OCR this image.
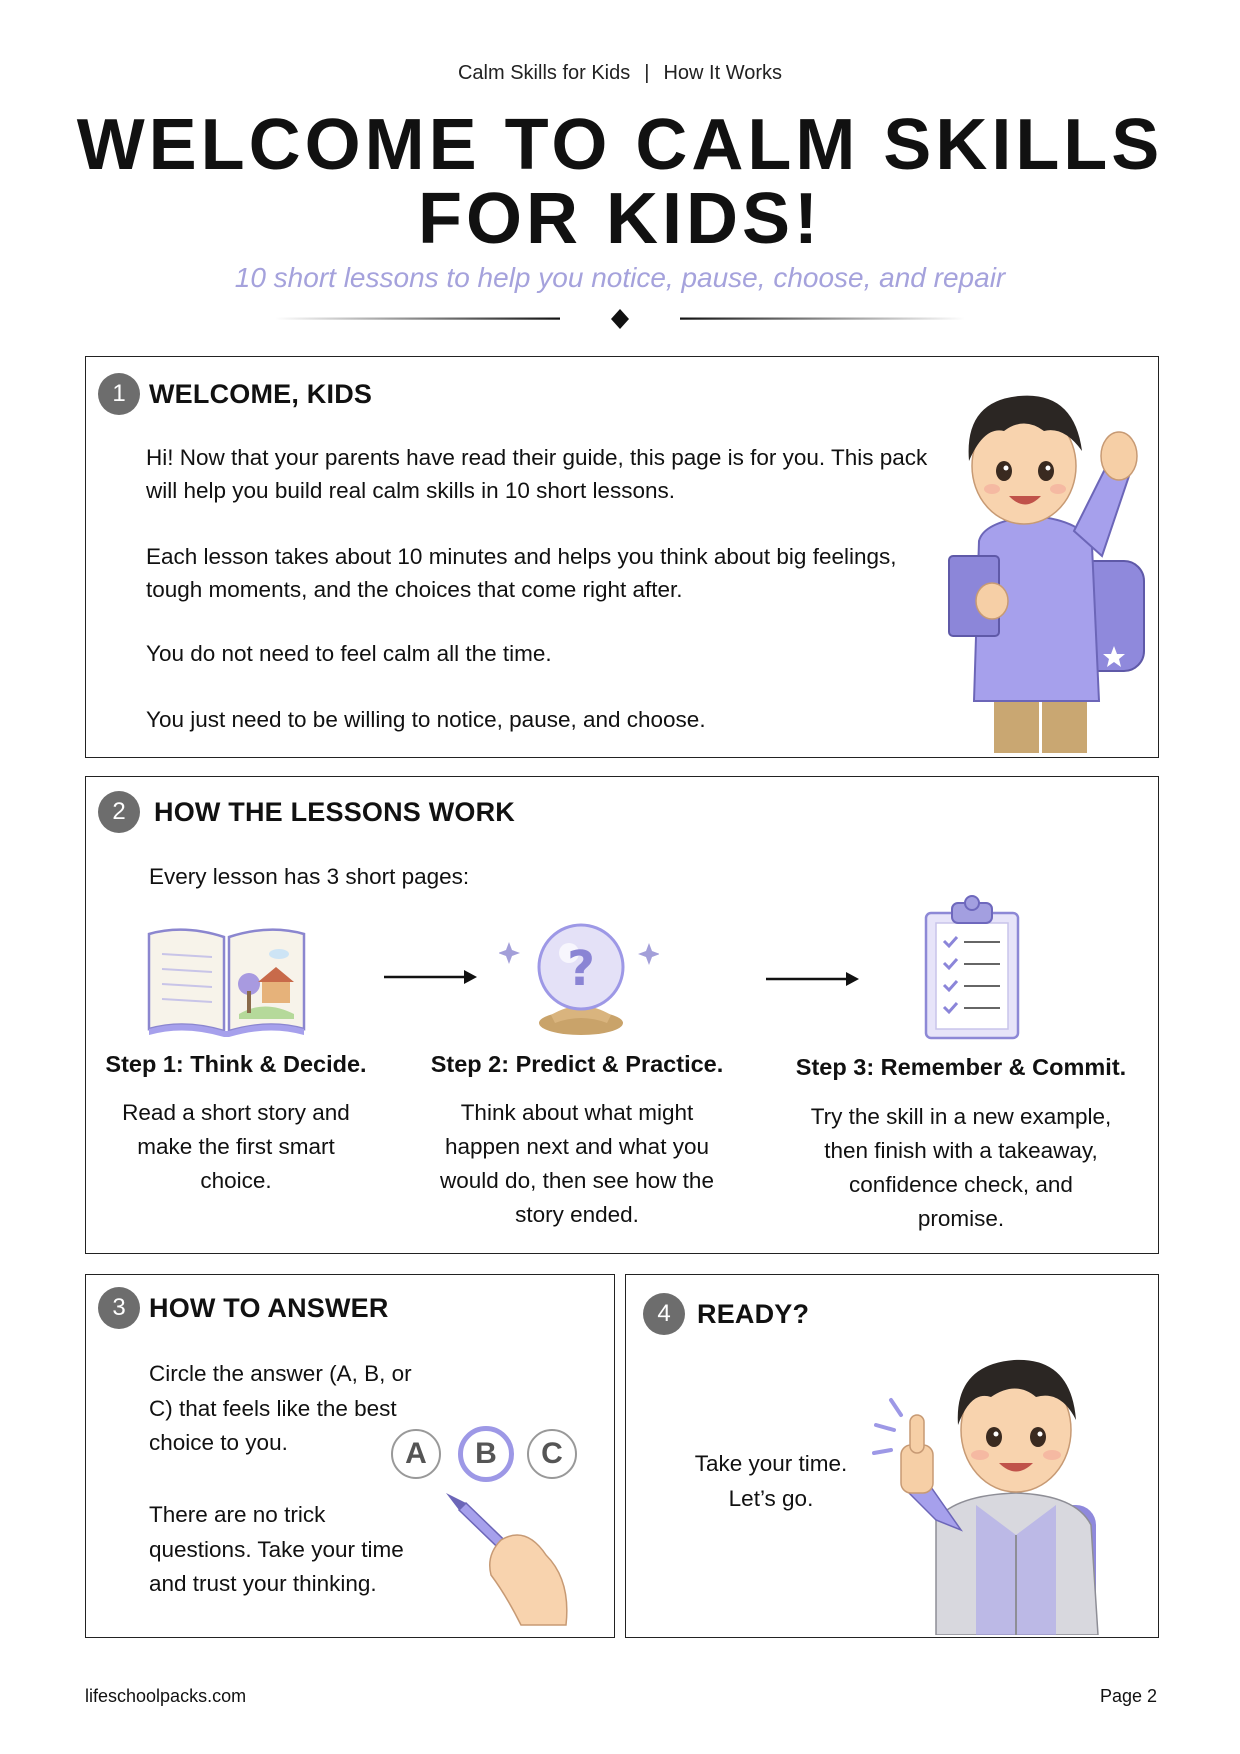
Calm Skills for Kids | How It Works
WELCOME TO CALM SKILLS
FOR KIDS!
10 short lessons to help you notice, pause, choose, and repair
1 WELCOME, KIDS
Hi! Now that your parents have read their guide, this page is for you. This pack will help you build real calm skills in 10 short lessons.
Each lesson takes about 10 minutes and helps you think about big feelings, tough moments, and the choices that come right after.
You do not need to feel calm all the time.
You just need to be willing to notice, pause, and choose.
2	HOW THE LESSONS WORK
Every lesson has 3 short pages:
?
Step 1: Think & Decide.
Read a short story and make the first smart choice.
Step 2: Predict & Practice.
Think about what might happen next and what you would do, then see how the story ended.
Step 3: Remember & Commit.
Try the skill in a new example, then finish with a takeaway, confidence check, and promise.
3 HOW TO ANSWER
Circle the answer (A, B, or C) that feels like the best choice to you.
There are no trick questions. Take your time and trust your thinking.
A	B	C
4 READY?
Take your time.
Let’s go.
lifeschoolpacks.com	Page 2
